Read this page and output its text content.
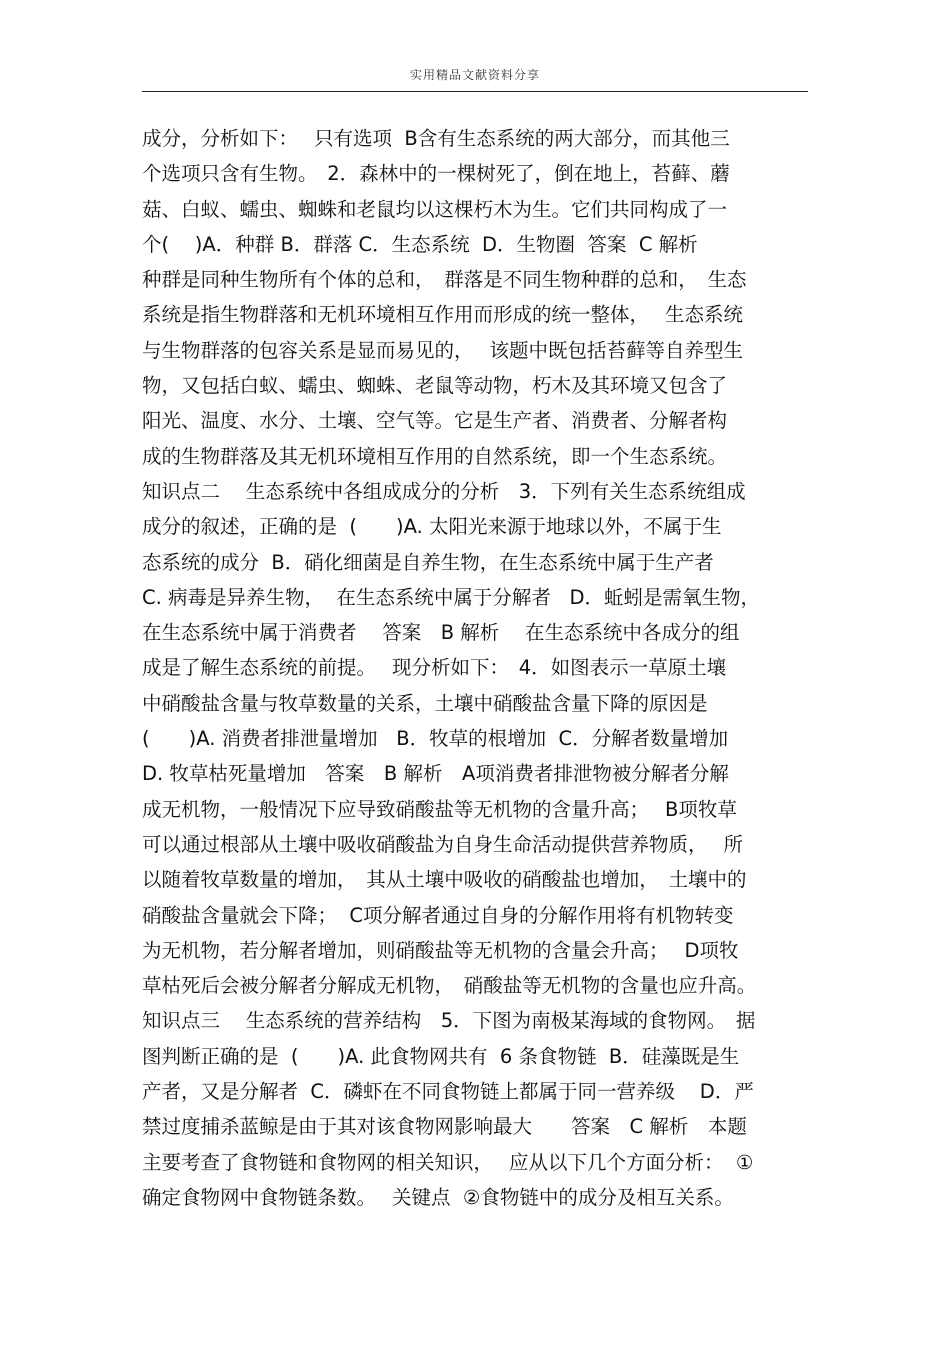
实用精品文献资料分享
成分，分析如下：　 只有选项  B含有生态系统的两大部分，而其他三
个选项只含有生物。　2．森林中的一棵树死了，倒在地上，苔藓、蘑
菇、白蚁、蠕虫、蜘蛛和老鼠均以这棵朽木为生。它们共同构成了一
个(　 )A．种群 B．群落 C．生态系统  D．生物圈  答案  C 解析
种群是同种生物所有个体的总和，　群落是不同生物种群的总和，　生态
系统是指生物群落和无机环境相互作用而形成的统一整体，　 生态系统
与生物群落的包容关系是显而易见的，　 该题中既包括苔藓等自养型生
物，又包括白蚁、蠕虫、蜘蛛、老鼠等动物，朽木及其环境又包含了
阳光、温度、水分、土壤、空气等。它是生产者、消费者、分解者构
成的生物群落及其无机环境相互作用的自然系统，即一个生态系统。
知识点二　 生态系统中各组成成分的分析　3．下列有关生态系统组成
成分的叙述，正确的是  (　　)A. 太阳光来源于地球以外，不属于生
态系统的成分  B．硝化细菌是自养生物，在生态系统中属于生产者
C. 病毒是异养生物，  在生态系统中属于分解者   D．蚯蚓是需氧生物，
在生态系统中属于消费者　 答案　B 解析　 在生态系统中各成分的组
成是了解生态系统的前提。　 现分析如下：　4．如图表示一草原土壤
中硝酸盐含量与牧草数量的关系，土壤中硝酸盐含量下降的原因是
(　　)A. 消费者排泄量增加   B．牧草的根增加  C．分解者数量增加
D. 牧草枯死量增加　答案　B 解析　A项消费者排泄物被分解者分解
成无机物，一般情况下应导致硝酸盐等无机物的含量升高；　 B项牧草
可以通过根部从土壤中吸收硝酸盐为自身生命活动提供营养物质，　 所
以随着牧草数量的增加，　其从土壤中吸收的硝酸盐也增加，　土壤中的
硝酸盐含量就会下降；  C项分解者通过自身的分解作用将有机物转变
为无机物，若分解者增加，则硝酸盐等无机物的含量会升高；　 D项牧
草枯死后会被分解者分解成无机物，　硝酸盐等无机物的含量也应升高。
知识点三　 生态系统的营养结构　5．下图为南极某海域的食物网。　据
图判断正确的是  (　　)A. 此食物网共有  6 条食物链  B．硅藻既是生
产者，又是分解者  C．磷虾在不同食物链上都属于同一营养级    D．严
禁过度捕杀蓝鲸是由于其对该食物网影响最大　　答案　C 解析　本题
主要考查了食物链和食物网的相关知识，　 应从以下几个方面分析：  ①
确定食物网中食物链条数。　 关键点  ②食物链中的成分及相互关系。
